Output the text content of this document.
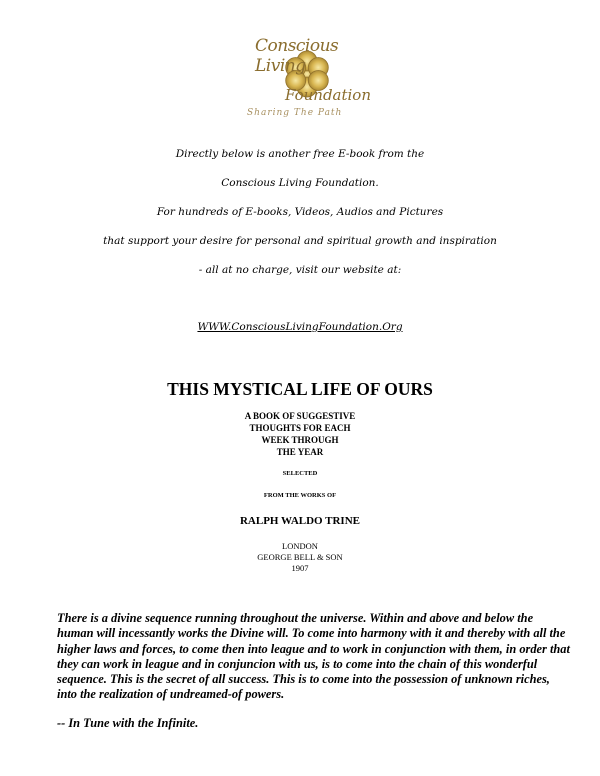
Conscious Living
Foundation
Sharing The Path
Directly below is another free E-book from the
Conscious Living Foundation.
For hundreds of E-books, Videos, Audios and Pictures
that support your desire for personal and spiritual growth and inspiration
- all at no charge, visit our website at:
WWW.ConsciousLivingFoundation.Org
THIS MYSTICAL LIFE OF OURS
A BOOK OF SUGGESTIVE
THOUGHTS FOR EACH
WEEK THROUGH
THE YEAR
SELECTED
FROM THE WORKS OF
RALPH WALDO TRINE
LONDON
GEORGE BELL & SON
1907

There is a divine sequence running throughout the universe. Within and above and below the human will incessantly works the Divine will. To come into harmony with it and thereby with all the higher laws and forces, to come then into league and to work in conjunction with them, in order that they can work in league and in conjuncion with us, is to come into the chain of this wonderful sequence. This is the secret of all success. This is to come into the possession of unknown riches, into the realization of undreamed-of powers.

-- In Tune with the Infinite.
